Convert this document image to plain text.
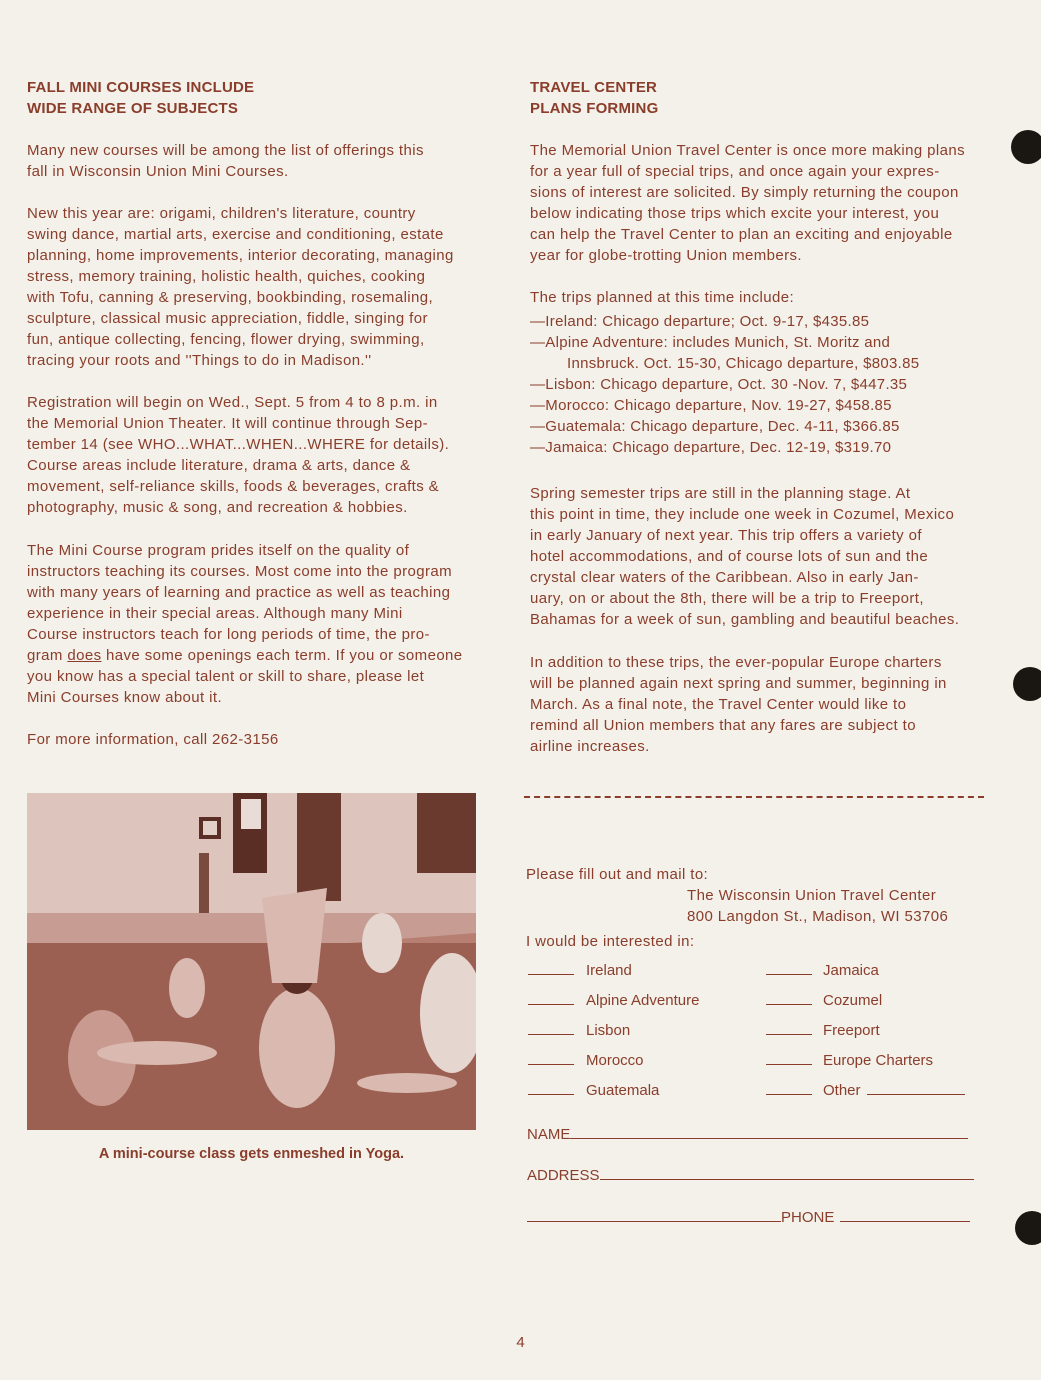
FALL MINI COURSES INCLUDE
WIDE RANGE OF SUBJECTS
Many new courses will be among the list of offerings this
fall in Wisconsin Union Mini Courses.
New this year are: origami, children's literature, country
swing dance, martial arts, exercise and conditioning, estate
planning, home improvements, interior decorating, managing
stress, memory training, holistic health, quiches, cooking
with Tofu, canning & preserving, bookbinding, rosemaling,
sculpture, classical music appreciation, fiddle, singing for
fun, antique collecting, fencing, flower drying, swimming,
tracing your roots and ''Things to do in Madison.''
Registration will begin on Wed., Sept. 5 from 4 to 8 p.m. in
the Memorial Union Theater. It will continue through Sep-
tember 14 (see WHO...WHAT...WHEN...WHERE for details).
Course areas include literature, drama & arts, dance &
movement, self-reliance skills, foods & beverages, crafts &
photography, music & song, and recreation & hobbies.
The Mini Course program prides itself on the quality of
instructors teaching its courses. Most come into the program
with many years of learning and practice as well as teaching
experience in their special areas. Although many Mini
Course instructors teach for long periods of time, the pro-
gram does have some openings each term. If you or someone
you know has a special talent or skill to share, please let
Mini Courses know about it.
For more information, call 262-3156
A mini-course class gets enmeshed in Yoga.
TRAVEL CENTER
PLANS FORMING
The Memorial Union Travel Center is once more making plans
for a year full of special trips, and once again your expres-
sions of interest are solicited. By simply returning the coupon
below indicating those trips which excite your interest, you
can help the Travel Center to plan an exciting and enjoyable
year for globe-trotting Union members.
The trips planned at this time include:
—Ireland: Chicago departure; Oct. 9-17, $435.85
—Alpine Adventure: includes Munich, St. Moritz and
Innsbruck. Oct. 15-30, Chicago departure, $803.85
—Lisbon: Chicago departure, Oct. 30 -Nov. 7, $447.35
—Morocco: Chicago departure, Nov. 19-27, $458.85
—Guatemala: Chicago departure, Dec. 4-11, $366.85
—Jamaica: Chicago departure, Dec. 12-19, $319.70
Spring semester trips are still in the planning stage. At
this point in time, they include one week in Cozumel, Mexico
in early January of next year. This trip offers a variety of
hotel accommodations, and of course lots of sun and the
crystal clear waters of the Caribbean. Also in early Jan-
uary, on or about the 8th, there will be a trip to Freeport,
Bahamas for a week of sun, gambling and beautiful beaches.
In addition to these trips, the ever-popular Europe charters
will be planned again next spring and summer, beginning in
March. As a final note, the Travel Center would like to
remind all Union members that any fares are subject to
airline increases.
Please fill out and mail to:
The Wisconsin Union Travel Center
800 Langdon St., Madison, WI 53706
I would be interested in:
Ireland
Alpine Adventure
Lisbon
Morocco
Guatemala
Jamaica
Cozumel
Freeport
Europe Charters
Other
NAME
ADDRESS
PHONE
4
